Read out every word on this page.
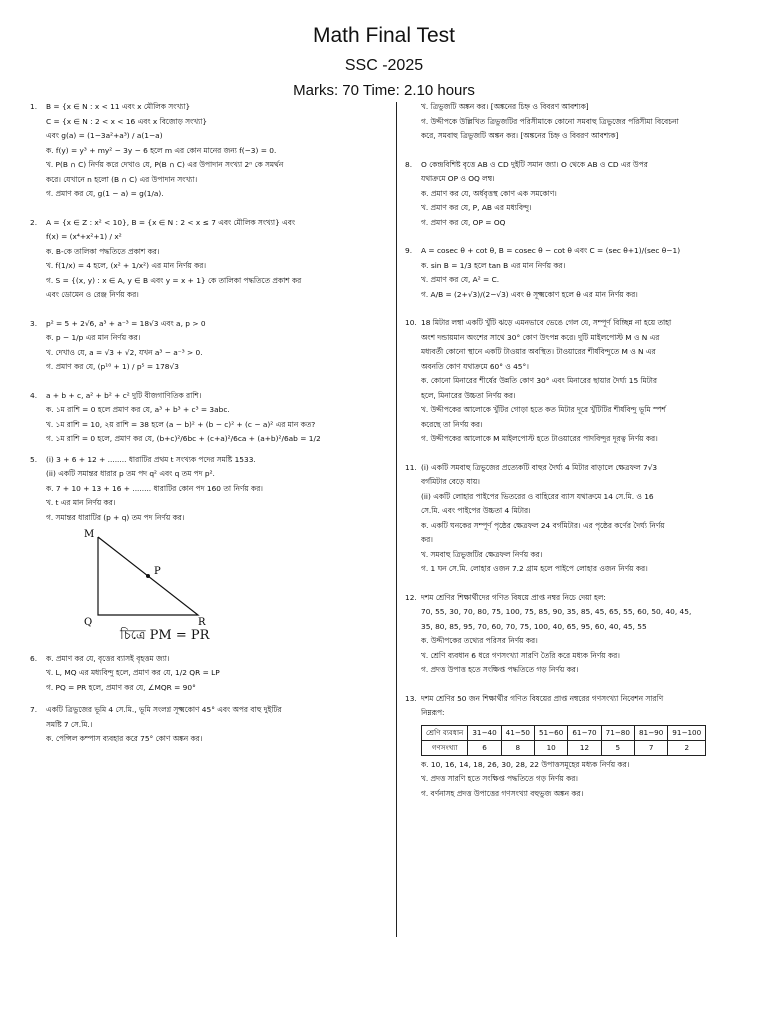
Math Final Test
SSC -2025
Marks: 70 Time: 2.10 hours
1. B = {x ∈ N : x < 11 এবং x মৌলিক সংখ্যা}
C = {x ∈ N : 2 < x < 16 এবং x বিজোড় সংখ্যা}
এবং g(a) = (1−3a²+a³) / a(1−a)
ক. f(y) = y³ + my² − 3y − 6 হলে m এর কোন মানের জন্য f(−3) = 0.
খ. P(B ∩ C) নির্ণয় করে দেখাও যে, P(B ∩ C) এর উপাদান সংখ্যা 2ⁿ কে সমর্থন
করে। যেখানে n হলো (B ∩ C) এর উপাদান সংখ্যা।
গ. প্রমাণ কর যে, g(1 − a) = g(1/a).
2. A = {x ∈ Z : x² < 10}, B = {x ∈ N : 2 < x ≤ 7 এবং মৌলিক সংখ্যা} এবং
f(x) = (x⁴+x²+1) / x²
ক. B-কে তালিকা পদ্ধতিতে প্রকাশ কর।
খ. f(1/x) = 4 হলে, (x² + 1/x²) এর মান নির্ণয় কর।
গ. S = {(x, y) : x ∈ A, y ∈ B এবং y = x + 1} কে তালিকা পদ্ধতিতে প্রকাশ কর
এবং ডোমেন ও রেঞ্জ নির্ণয় কর।
3. p² = 5 + 2√6, a³ + a⁻³ = 18√3 এবং a, p > 0
ক. p − 1/p এর মান নির্ণয় কর।
খ. দেখাও যে, a = √3 + √2, যখন a³ − a⁻³ > 0.
গ. প্রমাণ কর যে, (p¹⁰ + 1) / p⁵ = 178√3
4. a + b + c, a² + b² + c² দুটি বীজগাণিতিক রাশি।
ক. ১ম রাশি = 0 হলে প্রমাণ কর যে, a³ + b³ + c³ = 3abc.
খ. ১ম রাশি = 10, ২য় রাশি = 38 হলে (a − b)² + (b − c)² + (c − a)² এর মান কত?
গ. ১ম রাশি = 0 হলে, প্রমাণ কর যে, (b+c)²/6bc + (c+a)²/6ca + (a+b)²/6ab = 1/2
5. (i) 3 + 6 + 12 + ........ ধারাটির প্রথম t সংখ্যক পদের সমষ্টি 1533.
(ii) একটি সমান্তর ধারার p তম পদ q² এবং q তম পদ p².
ক. 7 + 10 + 13 + 16 + ........ ধারাটির কোন পদ 160 তা নির্ণয় কর।
খ. t এর মান নির্ণয় কর।
গ. সমান্তর ধারাটির (p + q) তম পদ নির্ণয় কর।
M
P
Q	R
চিত্রে PM = PR
6. ক. প্রমাণ কর যে, বৃত্তের ব্যাসই বৃহত্তম জ্যা।
খ. L, MQ এর মধ্যবিন্দু হলে, প্রমাণ কর যে, 1/2 QR = LP
গ. PQ = PR হলে, প্রমাণ কর যে, ∠MQR = 90°
7. একটি ত্রিভুজের ভূমি 4 সে.মি., ভূমি সংলগ্ন সূক্ষ্মকোণ 45° এবং অপর বাহু দুইটির
সমষ্টি 7 সে.মি.।
ক. পেন্সিল কম্পাস ব্যবহার করে 75° কোণ অঙ্কন কর।
খ. ত্রিভুজটি অঙ্কন কর। [অঙ্কনের চিহ্ন ও বিবরণ আবশ্যক]
গ. উদ্দীপকে উল্লিখিত ত্রিভুজটির পরিসীমাকে কোনো সমবাহু ত্রিভুজের পরিসীমা বিবেচনা
করে, সমবাহু ত্রিভুজটি অঙ্কন কর। [অঙ্কনের চিহ্ন ও বিবরণ আবশ্যক]
8. O কেন্দ্রবিশিষ্ট বৃত্তে AB ও CD দুইটি সমান জ্যা। O থেকে AB ও CD এর উপর
যথাক্রমে OP ও OQ লম্ব।
ক. প্রমাণ কর যে, অর্ধবৃত্তস্থ কোণ এক সমকোণ।
খ. প্রমাণ কর যে, P, AB এর মধ্যবিন্দু।
গ. প্রমাণ কর যে, OP = OQ
9. A = cosec θ + cot θ, B = cosec θ − cot θ এবং C = (sec θ+1)/(sec θ−1)
ক. sin B = 1/3 হলে tan B এর মান নির্ণয় কর।
খ. প্রমাণ কর যে, A² = C.
গ. A/B = (2+√3)/(2−√3) এবং θ সূক্ষ্মকোণ হলে θ এর মান নির্ণয় কর।
10. 18 মিটার লম্বা একটি খুঁটি ঝড়ে এমনভাবে ভেঙে গেল যে, সম্পূর্ণ বিচ্ছিন্ন না হয়ে তাহা
অংশ দন্ডায়মান অংশের সাথে 30° কোণ উৎপন্ন করে। দুটি মাইলপোস্ট M ও N এর
মধ্যবর্তী কোনো স্থানে একটি টাওয়ার অবস্থিত। টাওয়ারের শীর্ষবিন্দুতে M ও N এর
অবনতি কোণ যথাক্রমে 60° ও 45°।
ক. কোনো মিনারের শীর্ষের উন্নতি কোণ 30° এবং মিনারের ছায়ার দৈর্ঘ্য 15 মিটার
হলে, মিনারের উচ্চতা নির্ণয় কর।
খ. উদ্দীপকের আলোকে খুঁটির গোড়া হতে কত মিটার দূরে খুঁটিটির শীর্ষবিন্দু ভূমি স্পর্শ
করেছে তা নির্ণয় কর।
গ. উদ্দীপকের আলোকে M মাইলপোস্ট হতে টাওয়ারের পাদবিন্দুর দূরত্ব নির্ণয় কর।
11. (i) একটি সমবাহু ত্রিভুজের প্রত্যেকটি বাহুর দৈর্ঘ্য 4 মিটার বাড়ালে ক্ষেত্রফল 7√3
বর্গমিটার বেড়ে যায়।
(ii) একটি লোহার পাইপের ভিতরের ও বাহিরের ব্যাস যথাক্রমে 14 সে.মি. ও 16
সে.মি. এবং পাইপের উচ্চতা 4 মিটার।
ক. একটি ঘনকের সম্পূর্ণ পৃষ্ঠের ক্ষেত্রফল 24 বর্গমিটার। এর পৃষ্ঠের কর্ণের দৈর্ঘ্য নির্ণয়
কর।
খ. সমবাহু ত্রিভুজটির ক্ষেত্রফল নির্ণয় কর।
গ. 1 ঘন সে.মি. লোহার ওজন 7.2 গ্রাম হলে পাইপে লোহার ওজন নির্ণয় কর।
12. দশম শ্রেণির শিক্ষার্থীদের গণিত বিষয়ে প্রাপ্ত নম্বর নিচে দেয়া হল:
70, 55, 30, 70, 80, 75, 100, 75, 85, 90, 35, 85, 45, 65, 55, 60, 50, 40, 45,
35, 80, 85, 95, 70, 60, 70, 75, 100, 40, 65, 95, 60, 40, 45, 55
ক. উদ্দীপকের তথ্যের পরিসর নির্ণয় কর।
খ. শ্রেণি ব্যবধান 6 ধরে গণসংখ্যা সারণি তৈরি করে মধ্যক নির্ণয় কর।
গ. প্রদত্ত উপাত্ত হতে সংক্ষিপ্ত পদ্ধতিতে গড় নির্ণয় কর।
13. দশম শ্রেণির 50 জন শিক্ষার্থীর গণিত বিষয়ের প্রাপ্ত নম্বরের গণসংখ্যা নিবেশন সারণি
নিম্নরূপ:
শ্রেণি ব্যবধান	31−40	41−50	51−60	61−70	71−80	81−90	91−100
গণসংখ্যা	6	8	10	12	5	7	2
ক. 10, 16, 14, 18, 26, 30, 28, 22 উপাত্তসমূহের মধ্যক নির্ণয় কর।
খ. প্রদত্ত সারণি হতে সংক্ষিপ্ত পদ্ধতিতে গড় নির্ণয় কর।
গ. বর্ণনাসহ প্রদত্ত উপাত্তের গণসংখ্যা বহুভুজ অঙ্কন কর।
